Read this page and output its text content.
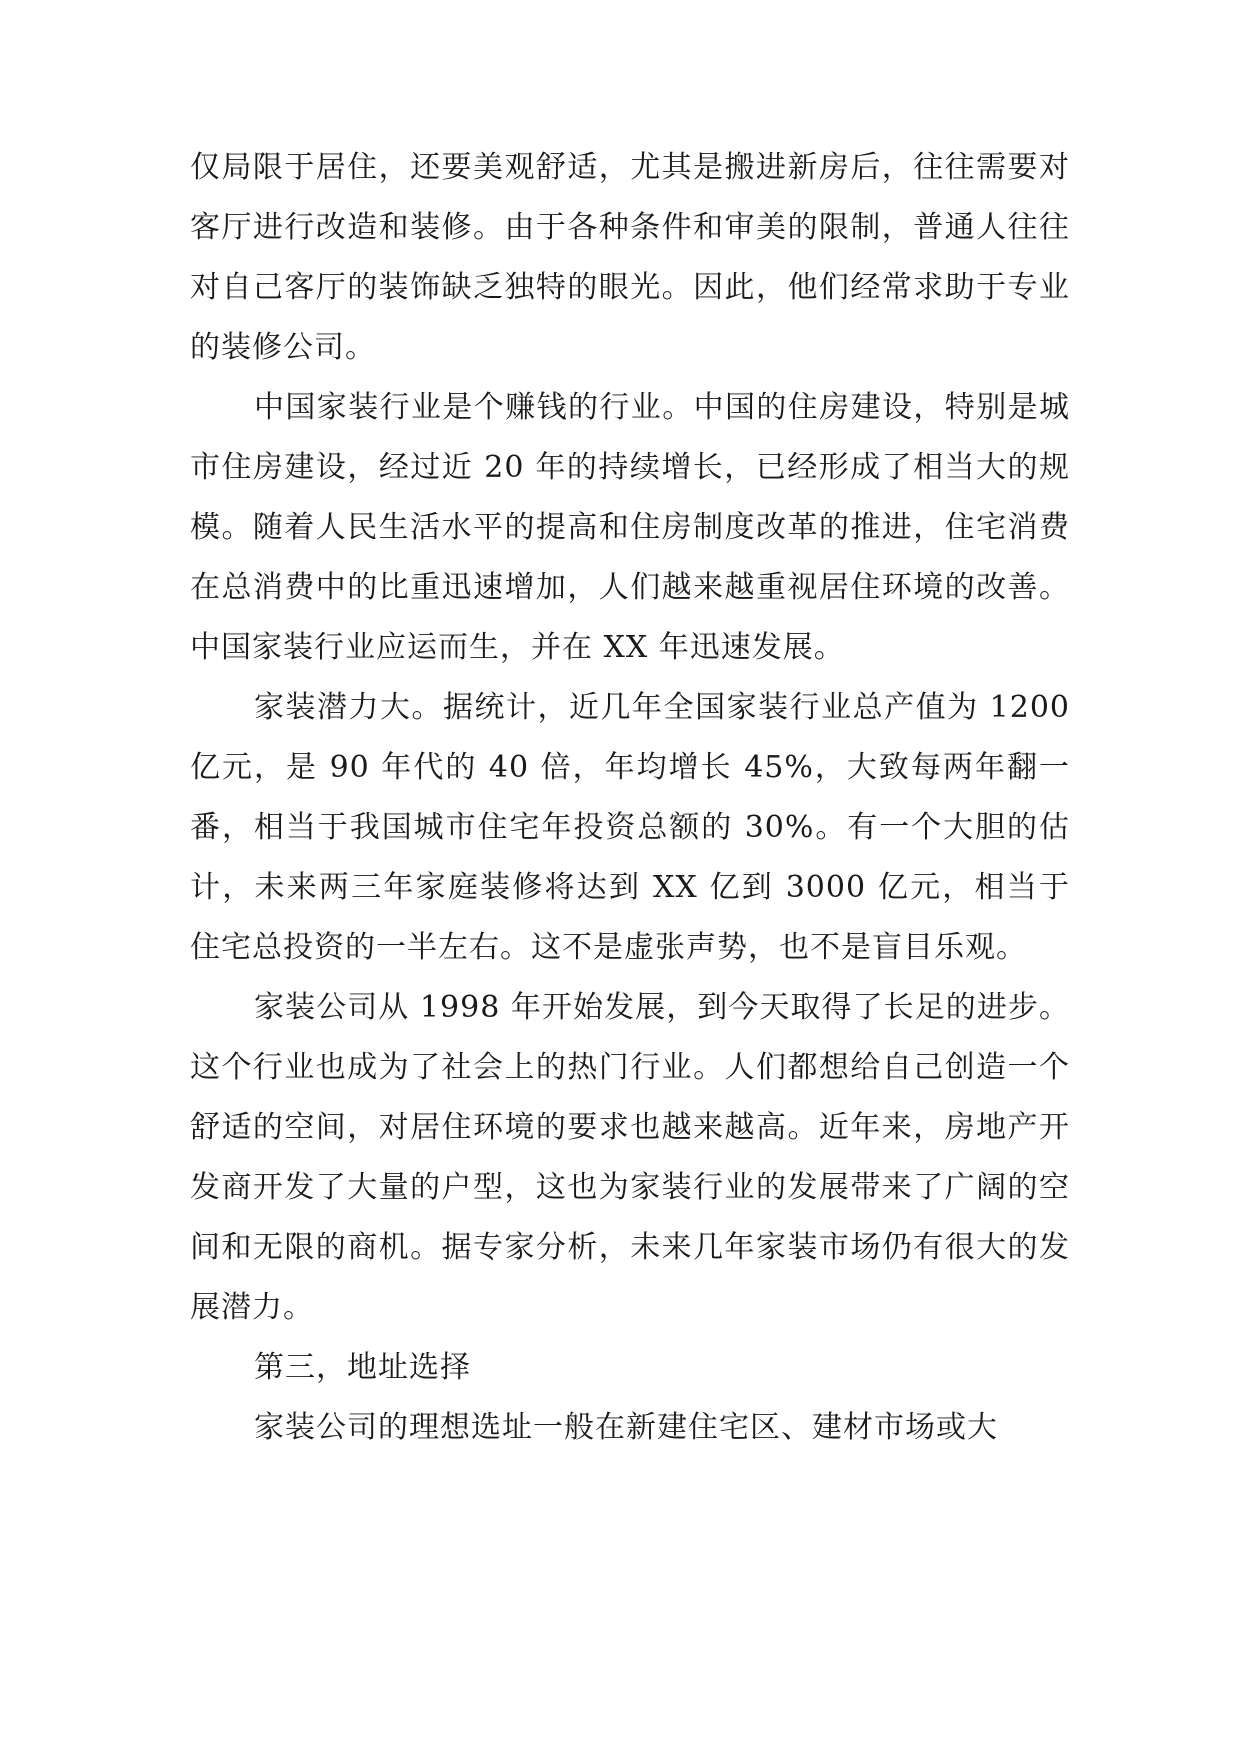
仅局限于居住，还要美观舒适，尤其是搬进新房后，往往需要对客厅进行改造和装修。由于各种条件和审美的限制，普通人往往对自己客厅的装饰缺乏独特的眼光。因此，他们经常求助于专业的装修公司。

中国家装行业是个赚钱的行业。中国的住房建设，特别是城市住房建设，经过近 20 年的持续增长，已经形成了相当大的规模。随着人民生活水平的提高和住房制度改革的推进，住宅消费在总消费中的比重迅速增加，人们越来越重视居住环境的改善。中国家装行业应运而生，并在 XX 年迅速发展。

家装潜力大。据统计，近几年全国家装行业总产值为 1200 亿元，是 90 年代的 40 倍，年均增长 45%，大致每两年翻一番，相当于我国城市住宅年投资总额的 30%。有一个大胆的估计，未来两三年家庭装修将达到 XX 亿到 3000 亿元，相当于住宅总投资的一半左右。这不是虚张声势，也不是盲目乐观。

家装公司从 1998 年开始发展，到今天取得了长足的进步。这个行业也成为了社会上的热门行业。人们都想给自己创造一个舒适的空间，对居住环境的要求也越来越高。近年来，房地产开发商开发了大量的户型，这也为家装行业的发展带来了广阔的空间和无限的商机。据专家分析，未来几年家装市场仍有很大的发展潜力。

第三，地址选择

家装公司的理想选址一般在新建住宅区、建材市场或大
